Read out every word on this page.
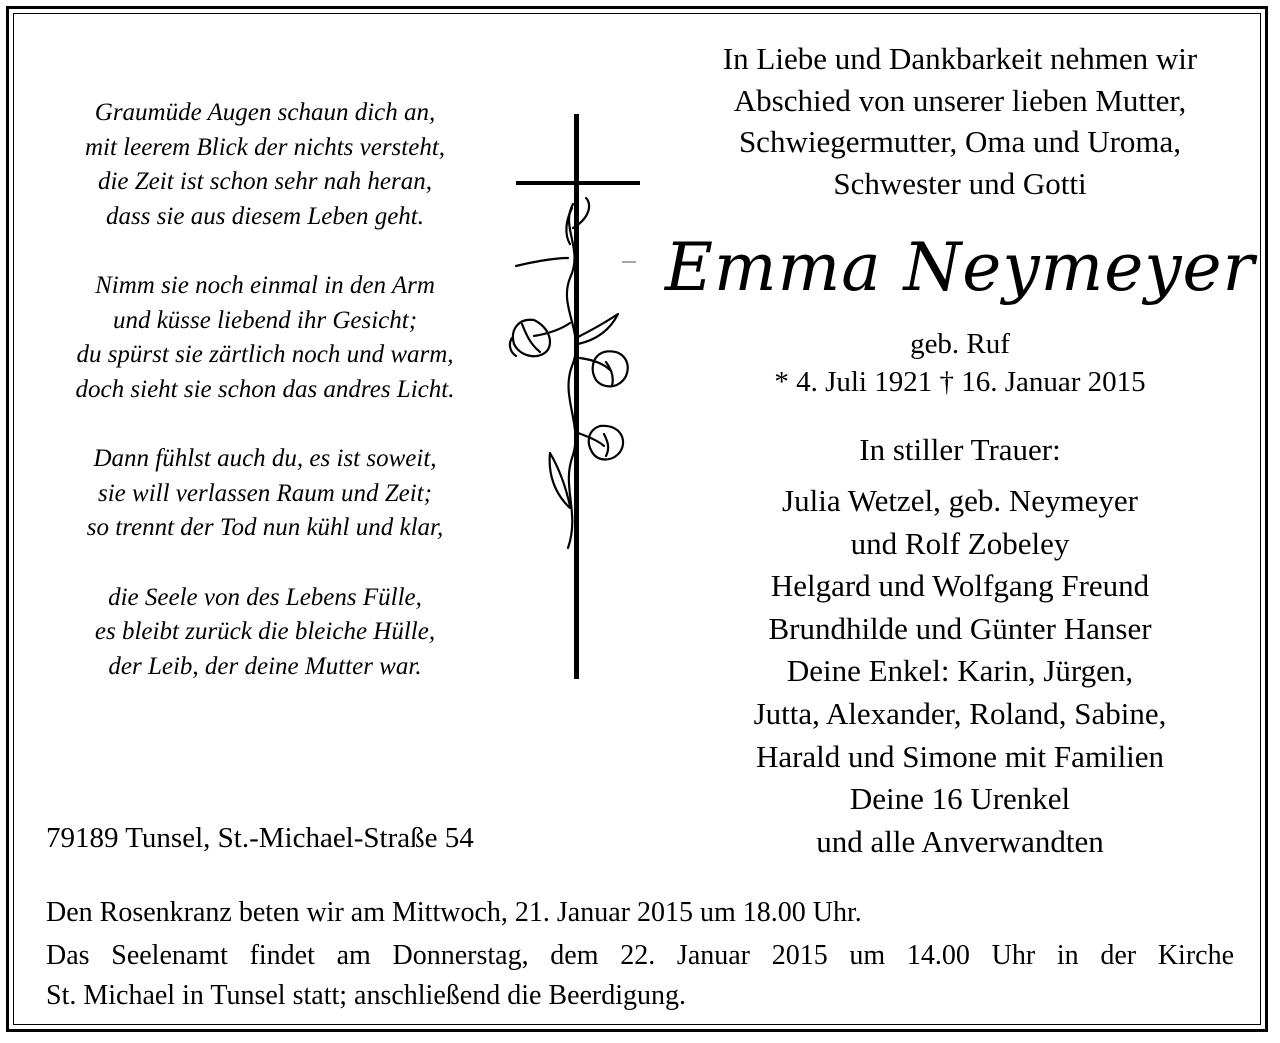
Graumüde Augen schaun dich an,
mit leerem Blick der nichts versteht,
die Zeit ist schon sehr nah heran,
dass sie aus diesem Leben geht.
Nimm sie noch einmal in den Arm
und küsse liebend ihr Gesicht;
du spürst sie zärtlich noch und warm,
doch sieht sie schon das andres Licht.
Dann fühlst auch du, es ist soweit,
sie will verlassen Raum und Zeit;
so trennt der Tod nun kühl und klar,
die Seele von des Lebens Fülle,
es bleibt zurück die bleiche Hülle,
der Leib, der deine Mutter war.
In Liebe und Dankbarkeit nehmen wir
Abschied von unserer lieben Mutter,
Schwiegermutter, Oma und Uroma,
Schwester und Gotti
Emma Neymeyer
geb. Ruf
* 4. Juli 1921 † 16. Januar 2015
In stiller Trauer:
Julia Wetzel, geb. Neymeyer
und Rolf Zobeley
Helgard und Wolfgang Freund
Brundhilde und Günter Hanser
Deine Enkel: Karin, Jürgen,
Jutta, Alexander, Roland, Sabine,
Harald und Simone mit Familien
Deine 16 Urenkel
und alle Anverwandten
79189 Tunsel, St.-Michael-Straße 54
Den Rosenkranz beten wir am Mittwoch, 21. Januar 2015 um 18.00 Uhr.
Das Seelenamt findet am Donnerstag, dem 22. Januar 2015 um 14.00 Uhr in der Kirche
St. Michael in Tunsel statt; anschließend die Beerdigung.
